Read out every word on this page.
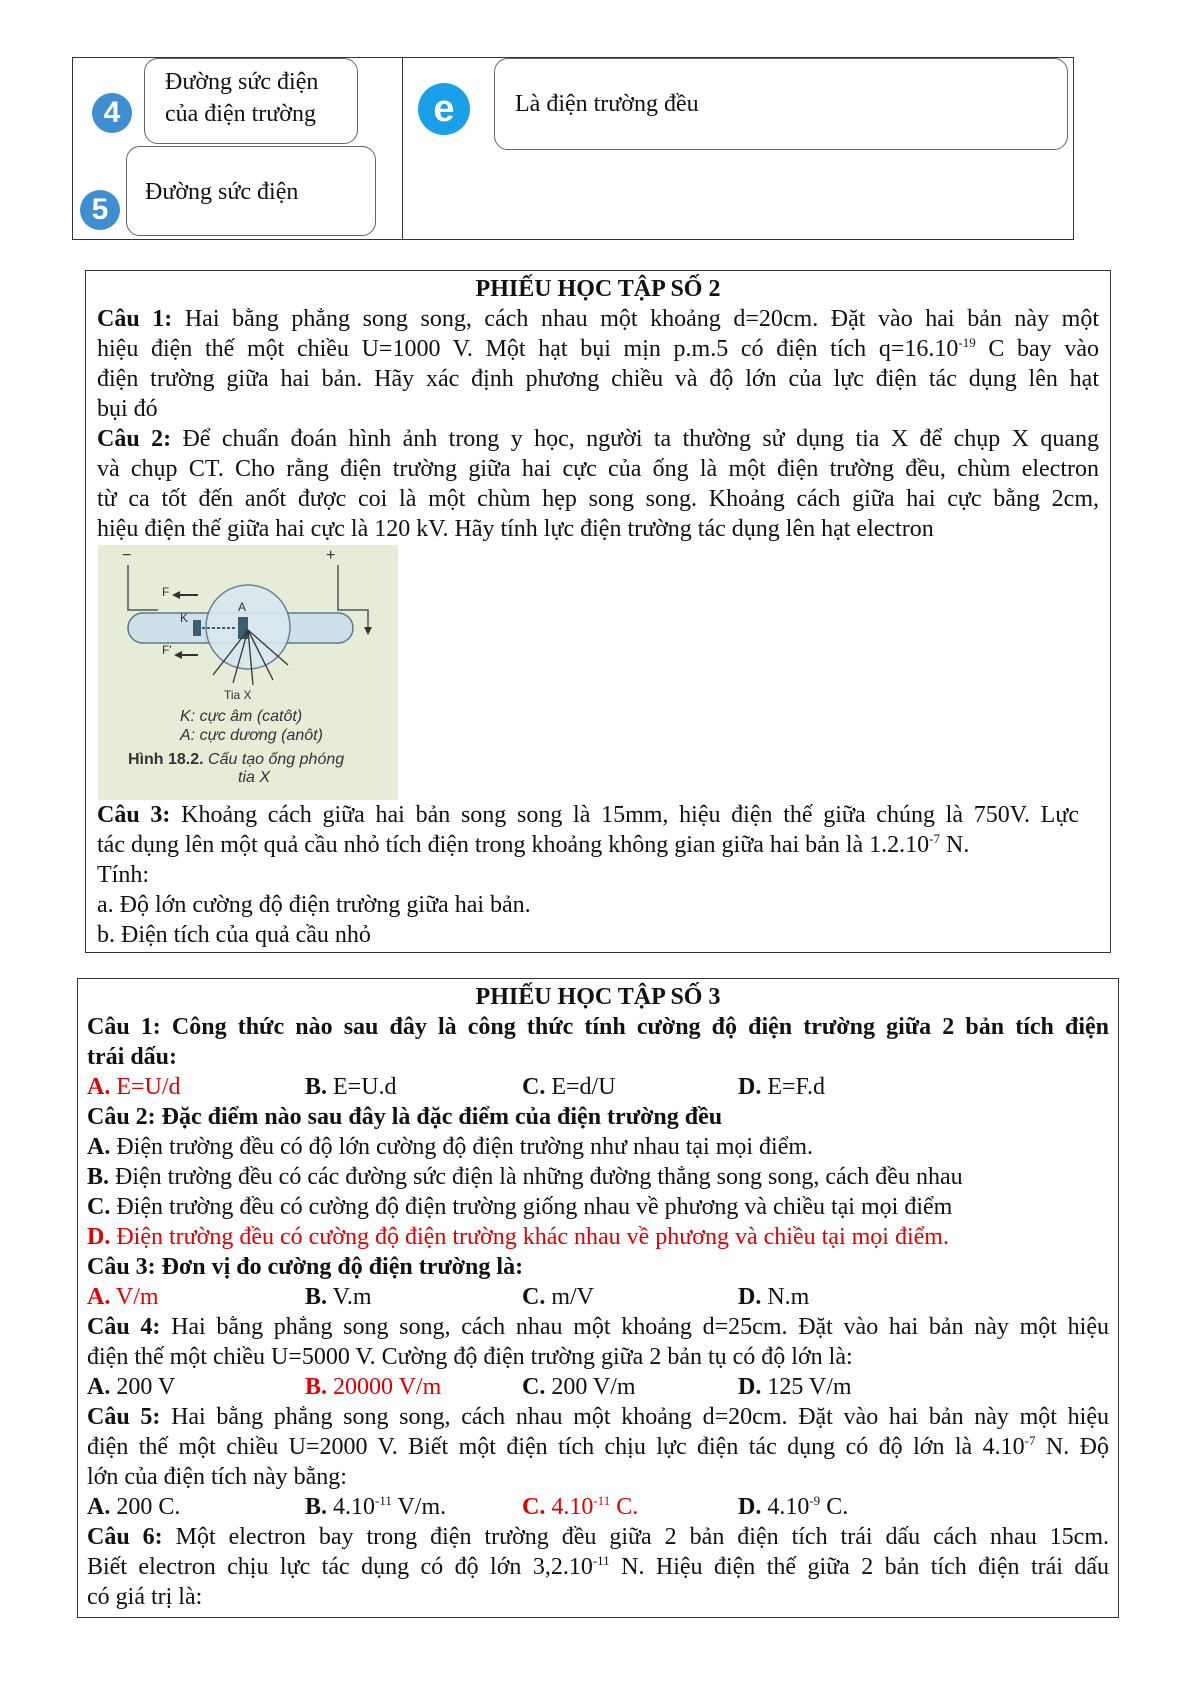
4
Đường sức điện
của điện trường
5
Đường sức điện
e	Là điện trường đều
PHIẾU HỌC TẬP SỐ 2
Câu 1: Hai bằng phẳng song song, cách nhau một khoảng d=20cm. Đặt vào hai bản này một
hiệu điện thế một chiều U=1000 V. Một hạt bụi mịn p.m.5 có điện tích $q=16.10^{-19}$ C bay vào
điện trường giữa hai bản. Hãy xác định phương chiều và độ lớn của lực điện tác dụng lên hạt
bụi đó
Câu 2: Để chuẩn đoán hình ảnh trong y học, người ta thường sử dụng tia X để chụp X quang
và chụp CT. Cho rằng điện trường giữa hai cực của ống là một điện trường đều, chùm electron
từ ca tốt đến anốt được coi là một chùm hẹp song song. Khoảng cách giữa hai cực bằng 2cm,
hiệu điện thế giữa hai cực là 120 kV. Hãy tính lực điện trường tác dụng lên hạt electron
−	+
F
F'
K
A
Tia X
K: cực âm (catôt)
A: cực dương (anôt)
Hình 18.2. Cấu tạo ống phóng
tia X
Câu 3: Khoảng cách giữa hai bản song song là 15mm, hiệu điện thế giữa chúng là 750V. Lực
tác dụng lên một quả cầu nhỏ tích điện trong khoảng không gian giữa hai bản là $1.2.10^{-7}$ N.
Tính:
a. Độ lớn cường độ điện trường giữa hai bản.
b. Điện tích của quả cầu nhỏ
PHIẾU HỌC TẬP SỐ 3
Câu 1: Công thức nào sau đây là công thức tính cường độ điện trường giữa 2 bản tích điện
trái dấu:
A. E=U/d	B. E=U.d	C. E=d/U	D. E=F.d
Câu 2: Đặc điểm nào sau đây là đặc điểm của điện trường đều
A. Điện trường đều có độ lớn cường độ điện trường như nhau tại mọi điểm.
B. Điện trường đều có các đường sức điện là những đường thẳng song song, cách đều nhau
C. Điện trường đều có cường độ điện trường giống nhau về phương và chiều tại mọi điểm
D. Điện trường đều có cường độ điện trường khác nhau về phương và chiều tại mọi điểm.
Câu 3: Đơn vị đo cường độ điện trường là:
A. V/m	B. V.m	C. m/V	D. N.m
Câu 4: Hai bằng phẳng song song, cách nhau một khoảng d=25cm. Đặt vào hai bản này một hiệu
điện thế một chiều U=5000 V. Cường độ điện trường giữa 2 bản tụ có độ lớn là:
A. 200 V	B. 20000 V/m	C. 200 V/m	D. 125 V/m
Câu 5: Hai bằng phẳng song song, cách nhau một khoảng d=20cm. Đặt vào hai bản này một hiệu
điện thế một chiều U=2000 V. Biết một điện tích chịu lực điện tác dụng có độ lớn là $4.10^{-7}$ N. Độ
lớn của điện tích này bằng:
A. 200 C.	B. $4.10^{-11}$ V/m.	C. $4.10^{-11}$ C.	D. $4.10^{-9}$ C.
Câu 6: Một electron bay trong điện trường đều giữa 2 bản điện tích trái dấu cách nhau 15cm.
Biết electron chịu lực tác dụng có độ lớn $3,2.10^{-11}$ N. Hiệu điện thế giữa 2 bản tích điện trái dấu
có giá trị là:
